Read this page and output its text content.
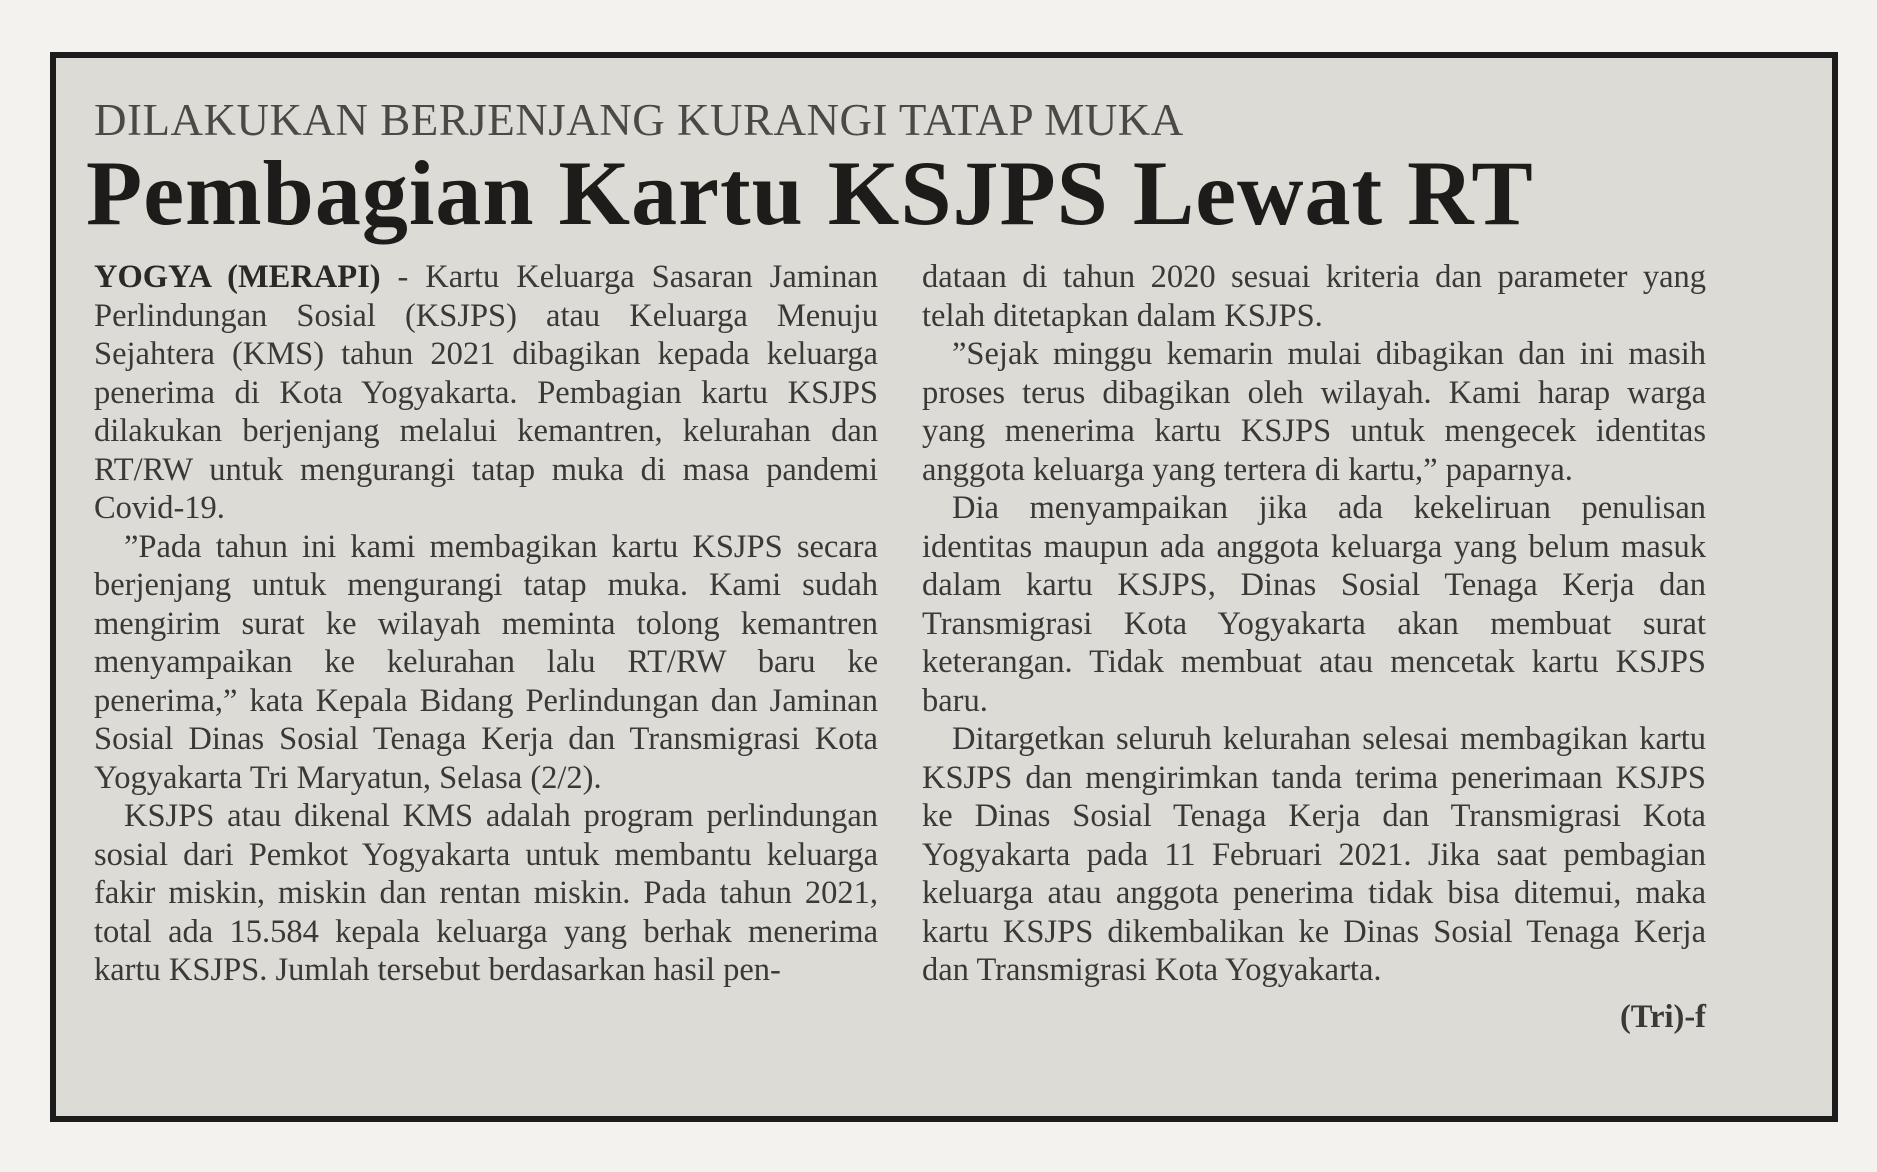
DILAKUKAN BERJENJANG KURANGI TATAP MUKA
Pembagian Kartu KSJPS Lewat RT

YOGYA (MERAPI) - Kartu Keluarga Sasaran Jaminan Perlindungan Sosial (KSJPS) atau Keluarga Menuju Sejahtera (KMS) tahun 2021 dibagikan kepada keluarga penerima di Kota Yogyakarta. Pembagian kartu KSJPS dilakukan berjenjang melalui kemantren, kelurahan dan RT/RW untuk mengurangi tatap muka di masa pandemi Covid-19.

”Pada tahun ini kami membagikan kartu KSJPS secara berjenjang untuk mengurangi tatap muka. Kami sudah mengirim surat ke wilayah meminta tolong kemantren menyampaikan ke kelurahan lalu RT/RW baru ke penerima,” kata Kepala Bidang Perlindungan dan Jaminan Sosial Dinas Sosial Tenaga Kerja dan Transmigrasi Kota Yogyakarta Tri Maryatun, Selasa (2/2).

KSJPS atau dikenal KMS adalah program perlindungan sosial dari Pemkot Yogyakarta untuk membantu keluarga fakir miskin, miskin dan rentan miskin. Pada tahun 2021, total ada 15.584 kepala keluarga yang berhak menerima kartu KSJPS. Jumlah tersebut berdasarkan hasil pen-

dataan di tahun 2020 sesuai kriteria dan parameter yang telah ditetapkan dalam KSJPS.

”Sejak minggu kemarin mulai dibagikan dan ini masih proses terus dibagikan oleh wilayah. Kami harap warga yang menerima kartu KSJPS untuk mengecek identitas anggota keluarga yang tertera di kartu,” paparnya.

Dia menyampaikan jika ada kekeliruan penulisan identitas maupun ada anggota keluarga yang belum masuk dalam kartu KSJPS, Dinas Sosial Tenaga Kerja dan Transmigrasi Kota Yogyakarta akan membuat surat keterangan. Tidak membuat atau mencetak kartu KSJPS baru.

Ditargetkan seluruh kelurahan selesai membagikan kartu KSJPS dan mengirimkan tanda terima penerimaan KSJPS ke Dinas Sosial Tenaga Kerja dan Transmigrasi Kota Yogyakarta pada 11 Februari 2021. Jika saat pembagian keluarga atau anggota penerima tidak bisa ditemui, maka kartu KSJPS dikembalikan ke Dinas Sosial Tenaga Kerja dan Transmigrasi Kota Yogyakarta.

(Tri)-f
